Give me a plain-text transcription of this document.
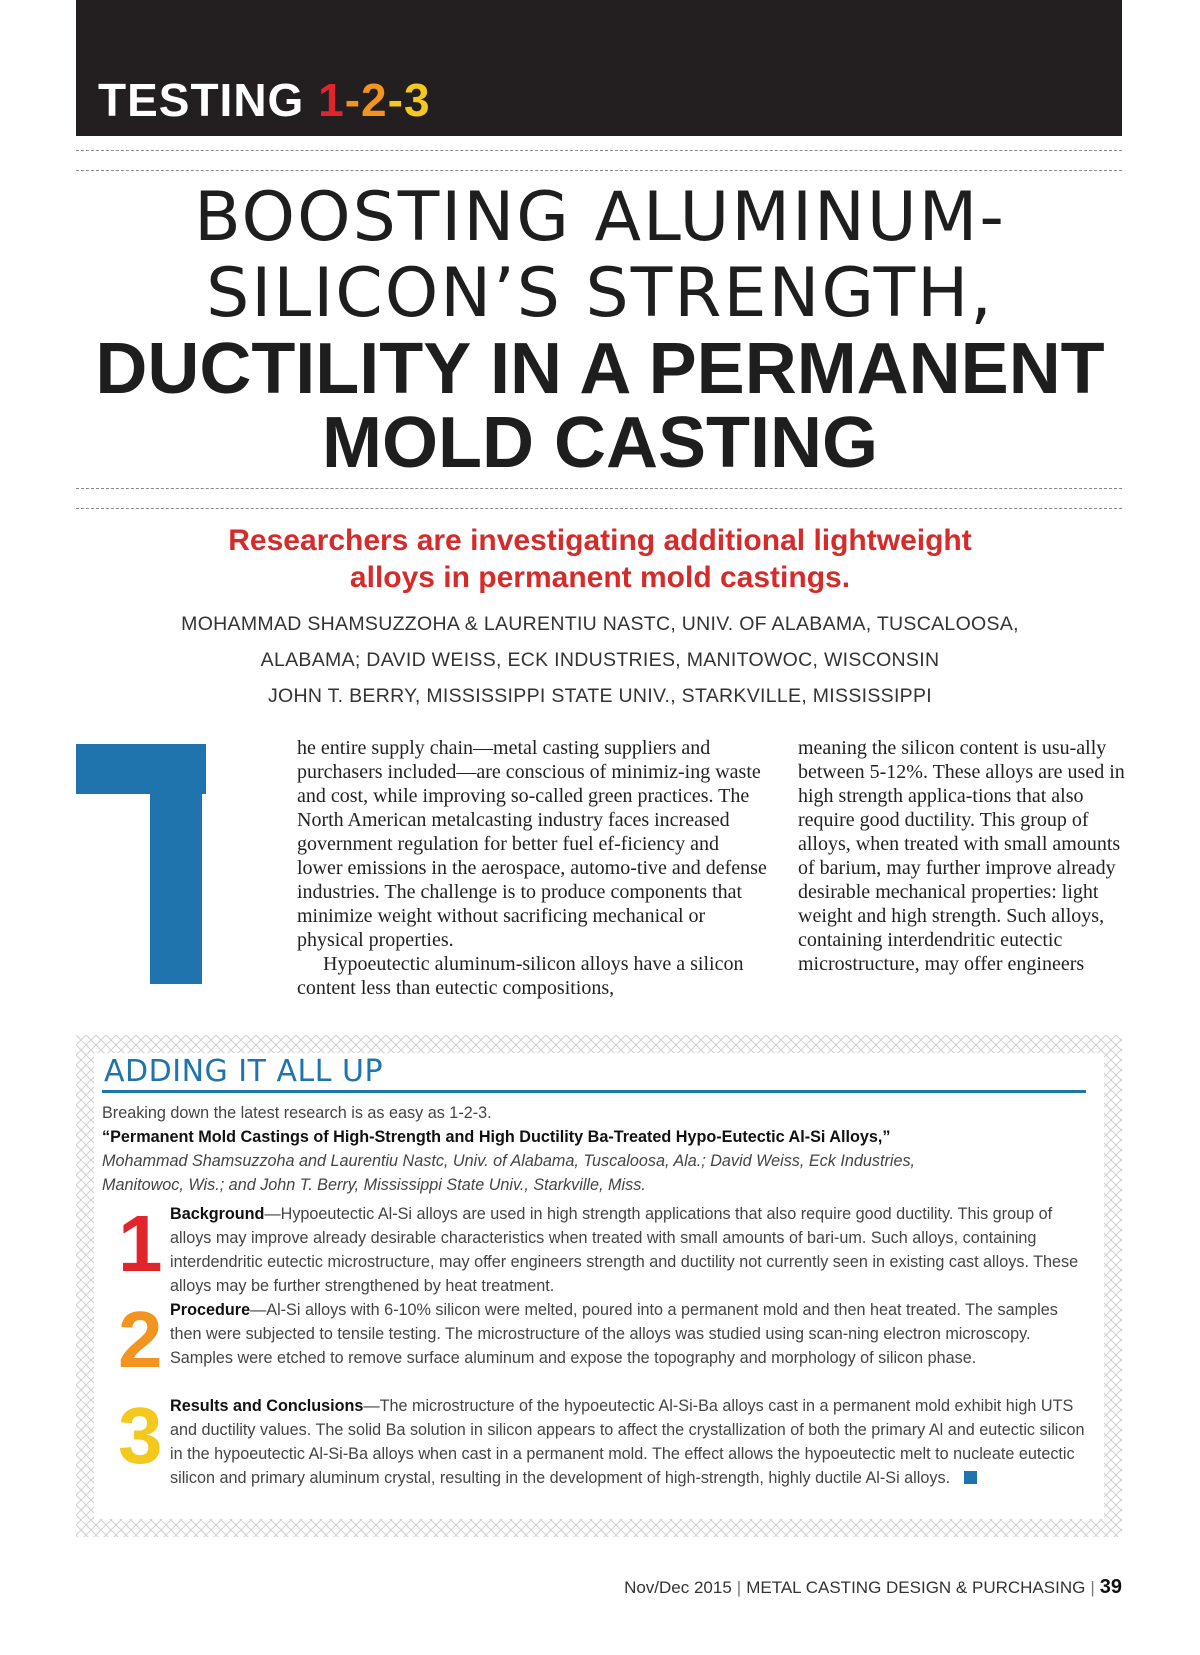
TESTING 1-2-3
BOOSTING ALUMINUM-
SILICON’S STRENGTH,
DUCTILITY IN A PERMANENT
MOLD CASTING
Researchers are investigating additional lightweight
alloys in permanent mold castings.
MOHAMMAD SHAMSUZZOHA & LAURENTIU NASTC, UNIV. OF ALABAMA, TUSCALOOSA,
ALABAMA; DAVID WEISS, ECK INDUSTRIES, MANITOWOC, WISCONSIN
JOHN T. BERRY, MISSISSIPPI STATE UNIV., STARKVILLE, MISSISSIPPI

he entire supply chain—metal casting suppliers and purchasers included—are conscious of minimiz-ing waste and cost, while improving so-called green practices. The North American metalcasting industry faces increased government regulation for better fuel ef-ficiency and lower emissions in the aerospace, automo-tive and defense industries. The challenge is to produce components that minimize weight without sacrificing mechanical or physical properties.

Hypoeutectic aluminum-silicon alloys have a silicon content less than eutectic compositions,

meaning the silicon content is usu-ally between 5-12%. These alloys are used in high strength applica-tions that also require good ductility. This group of alloys, when treated with small amounts of barium, may further improve already desirable mechanical properties: light weight and high strength. Such alloys, containing interdendritic eutectic microstructure, may offer engineers

ADDING IT ALL UP
Breaking down the latest research is as easy as 1-2-3.
“Permanent Mold Castings of High-Strength and High Ductility Ba-Treated Hypo-Eutectic Al-Si Alloys,”
Mohammad Shamsuzzoha and Laurentiu Nastc, Univ. of Alabama, Tuscaloosa, Ala.; David Weiss, Eck Industries,
Manitowoc, Wis.; and John T. Berry, Mississippi State Univ., Starkville, Miss.
1 Background—Hypoeutectic Al-Si alloys are used in high strength applications that also require good ductility. This group of alloys may improve already desirable characteristics when treated with small amounts of bari-um. Such alloys, containing interdendritic eutectic microstructure, may offer engineers strength and ductility not currently seen in existing cast alloys. These alloys may be further strengthened by heat treatment.
2 Procedure—Al-Si alloys with 6-10% silicon were melted, poured into a permanent mold and then heat treated. The samples then were subjected to tensile testing. The microstructure of the alloys was studied using scan-ning electron microscopy. Samples were etched to remove surface aluminum and expose the topography and morphology of silicon phase.
3 Results and Conclusions—The microstructure of the hypoeutectic Al-Si-Ba alloys cast in a permanent mold exhibit high UTS and ductility values. The solid Ba solution in silicon appears to affect the crystallization of both the primary Al and eutectic silicon in the hypoeutectic Al-Si-Ba alloys when cast in a permanent mold. The effect allows the hypoeutectic melt to nucleate eutectic silicon and primary aluminum crystal, resulting in the development of high-strength, highly ductile Al-Si alloys.
Nov/Dec 2015 | METAL CASTING DESIGN & PURCHASING | 39
